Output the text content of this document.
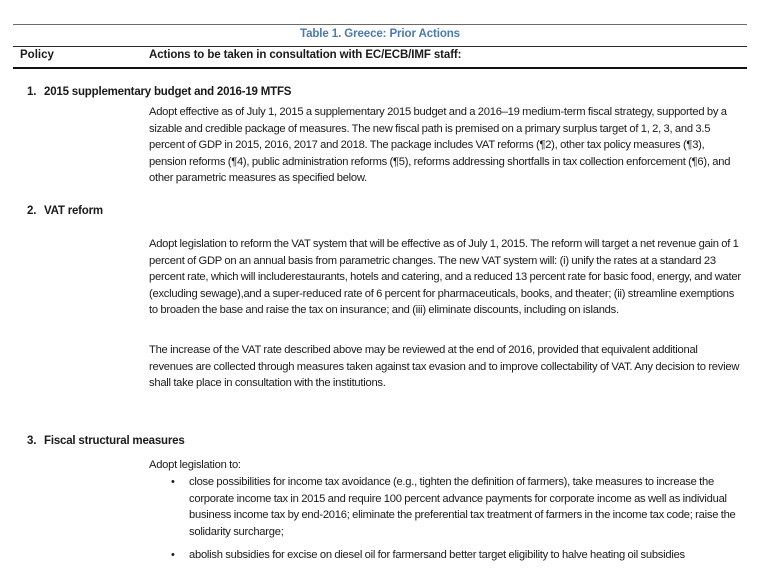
Table 1. Greece: Prior Actions
Policy	Actions to be taken in consultation with EC/ECB/IMF staff:
1. 2015 supplementary budget and 2016-19 MTFS
Adopt effective as of July 1, 2015 a supplementary 2015 budget and a 2016–19 medium-term fiscal strategy, supported by a sizable and credible package of measures. The new fiscal path is premised on a primary surplus target of 1, 2, 3, and 3.5 percent of GDP in 2015, 2016, 2017 and 2018. The package includes VAT reforms (¶2), other tax policy measures (¶3), pension reforms (¶4), public administration reforms (¶5), reforms addressing shortfalls in tax collection enforcement (¶6), and other parametric measures as specified below.
2. VAT reform
Adopt legislation to reform the VAT system that will be effective as of July 1, 2015. The reform will target a net revenue gain of 1 percent of GDP on an annual basis from parametric changes. The new VAT system will: (i) unify the rates at a standard 23 percent rate, which will includerestaurants, hotels and catering, and a reduced 13 percent rate for basic food, energy, and water (excluding sewage),and a super-reduced rate of 6 percent for pharmaceuticals, books, and theater; (ii) streamline exemptions to broaden the base and raise the tax on insurance; and (iii) eliminate discounts, including on islands.
The increase of the VAT rate described above may be reviewed at the end of 2016, provided that equivalent additional revenues are collected through measures taken against tax evasion and to improve collectability of VAT. Any decision to review shall take place in consultation with the institutions.
3. Fiscal structural measures
Adopt legislation to:
• close possibilities for income tax avoidance (e.g., tighten the definition of farmers), take measures to increase the corporate income tax in 2015 and require 100 percent advance payments for corporate income as well as individual business income tax by end-2016; eliminate the preferential tax treatment of farmers in the income tax code; raise the solidarity surcharge;
• abolish subsidies for excise on diesel oil for farmersand better target eligibility to halve heating oil subsidies
